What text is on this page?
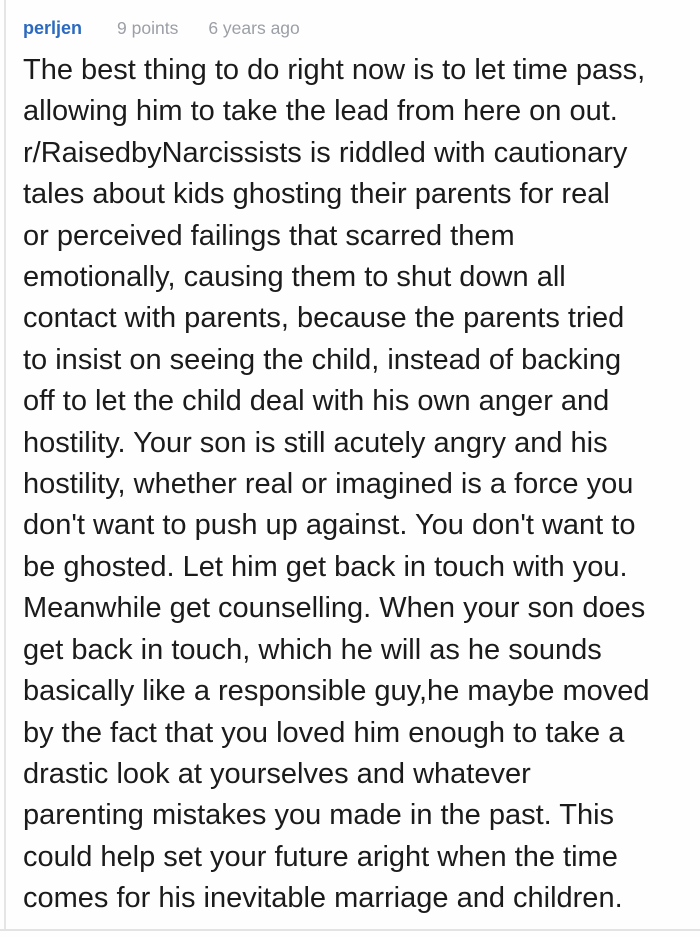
perljen 9 points 6 years ago
The best thing to do right now is to let time pass,
allowing him to take the lead from here on out.
r/RaisedbyNarcissists is riddled with cautionary
tales about kids ghosting their parents for real
or perceived failings that scarred them
emotionally, causing them to shut down all
contact with parents, because the parents tried
to insist on seeing the child, instead of backing
off to let the child deal with his own anger and
hostility. Your son is still acutely angry and his
hostility, whether real or imagined is a force you
don't want to push up against. You don't want to
be ghosted. Let him get back in touch with you.
Meanwhile get counselling. When your son does
get back in touch, which he will as he sounds
basically like a responsible guy,he maybe moved
by the fact that you loved him enough to take a
drastic look at yourselves and whatever
parenting mistakes you made in the past. This
could help set your future aright when the time
comes for his inevitable marriage and children.
